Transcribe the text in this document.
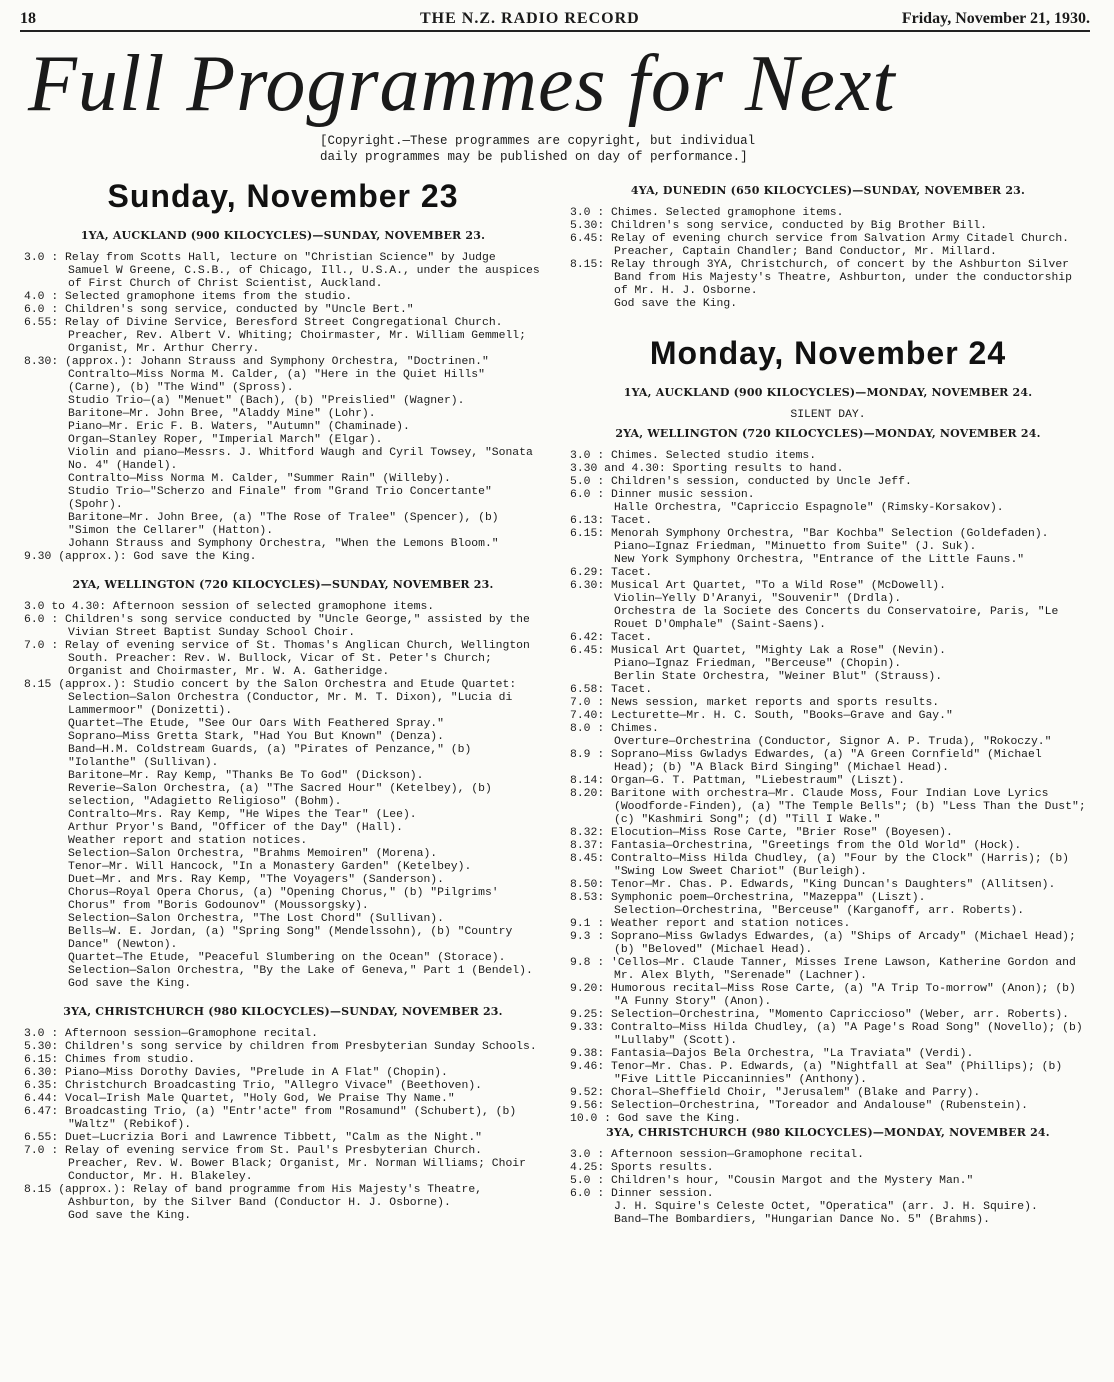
18	THE N.Z. RADIO RECORD	Friday, November 21, 1930.
Full Programmes for Next
[Copyright.—These programmes are copyright, but individual
daily programmes may be published on day of performance.]
Sunday, November 23
1YA, AUCKLAND (900 KILOCYCLES)—SUNDAY, NOVEMBER 23.
3.0 : Relay from Scotts Hall, lecture on "Christian Science" by Judge Samuel W Greene, C.S.B., of Chicago, Ill., U.S.A., under the auspices of First Church of Christ Scientist, Auckland.
4.0 : Selected gramophone items from the studio.
6.0 : Children's song service, conducted by "Uncle Bert."
6.55: Relay of Divine Service, Beresford Street Congregational Church. Preacher, Rev. Albert V. Whiting; Choirmaster, Mr. William Gemmell; Organist, Mr. Arthur Cherry.
8.30: (approx.): Johann Strauss and Symphony Orchestra, "Doctrinen."
Contralto—Miss Norma M. Calder, (a) "Here in the Quiet Hills" (Carne), (b) "The Wind" (Spross).
Studio Trio—(a) "Menuet" (Bach), (b) "Preislied" (Wagner).
Baritone—Mr. John Bree, "Aladdy Mine" (Lohr).
Piano—Mr. Eric F. B. Waters, "Autumn" (Chaminade).
Organ—Stanley Roper, "Imperial March" (Elgar).
Violin and piano—Messrs. J. Whitford Waugh and Cyril Towsey, "Sonata No. 4" (Handel).
Contralto—Miss Norma M. Calder, "Summer Rain" (Willeby).
Studio Trio—"Scherzo and Finale" from "Grand Trio Concertante" (Spohr).
Baritone—Mr. John Bree, (a) "The Rose of Tralee" (Spencer), (b) "Simon the Cellarer" (Hatton).
Johann Strauss and Symphony Orchestra, "When the Lemons Bloom."
9.30 (approx.): God save the King.
2YA, WELLINGTON (720 KILOCYCLES)—SUNDAY, NOVEMBER 23.
3.0 to 4.30: Afternoon session of selected gramophone items.
6.0 : Children's song service conducted by "Uncle George," assisted by the Vivian Street Baptist Sunday School Choir.
7.0 : Relay of evening service of St. Thomas's Anglican Church, Wellington South. Preacher: Rev. W. Bullock, Vicar of St. Peter's Church; Organist and Choirmaster, Mr. W. A. Gatheridge.
8.15 (approx.): Studio concert by the Salon Orchestra and Etude Quartet:
Selection—Salon Orchestra (Conductor, Mr. M. T. Dixon), "Lucia di Lammermoor" (Donizetti).
Quartet—The Etude, "See Our Oars With Feathered Spray."
Soprano—Miss Gretta Stark, "Had You But Known" (Denza).
Band—H.M. Coldstream Guards, (a) "Pirates of Penzance," (b) "Iolanthe" (Sullivan).
Baritone—Mr. Ray Kemp, "Thanks Be To God" (Dickson).
Reverie—Salon Orchestra, (a) "The Sacred Hour" (Ketelbey), (b) selection, "Adagietto Religioso" (Bohm).
Contralto—Mrs. Ray Kemp, "He Wipes the Tear" (Lee).
Arthur Pryor's Band, "Officer of the Day" (Hall).
Weather report and station notices.
Selection—Salon Orchestra, "Brahms Memoiren" (Morena).
Tenor—Mr. Will Hancock, "In a Monastery Garden" (Ketelbey).
Duet—Mr. and Mrs. Ray Kemp, "The Voyagers" (Sanderson).
Chorus—Royal Opera Chorus, (a) "Opening Chorus," (b) "Pilgrims' Chorus" from "Boris Godounov" (Moussorgsky).
Selection—Salon Orchestra, "The Lost Chord" (Sullivan).
Bells—W. E. Jordan, (a) "Spring Song" (Mendelssohn), (b) "Country Dance" (Newton).
Quartet—The Etude, "Peaceful Slumbering on the Ocean" (Storace).
Selection—Salon Orchestra, "By the Lake of Geneva," Part 1 (Bendel).
God save the King.
3YA, CHRISTCHURCH (980 KILOCYCLES)—SUNDAY, NOVEMBER 23.
3.0 : Afternoon session—Gramophone recital.
5.30: Children's song service by children from Presbyterian Sunday Schools.
6.15: Chimes from studio.
6.30: Piano—Miss Dorothy Davies, "Prelude in A Flat" (Chopin).
6.35: Christchurch Broadcasting Trio, "Allegro Vivace" (Beethoven).
6.44: Vocal—Irish Male Quartet, "Holy God, We Praise Thy Name."
6.47: Broadcasting Trio, (a) "Entr'acte" from "Rosamund" (Schubert), (b) "Waltz" (Rebikof).
6.55: Duet—Lucrizia Bori and Lawrence Tibbett, "Calm as the Night."
7.0 : Relay of evening service from St. Paul's Presbyterian Church. Preacher, Rev. W. Bower Black; Organist, Mr. Norman Williams; Choir Conductor, Mr. H. Blakeley.
8.15 (approx.): Relay of band programme from His Majesty's Theatre, Ashburton, by the Silver Band (Conductor H. J. Osborne).
God save the King.
4YA, DUNEDIN (650 KILOCYCLES)—SUNDAY, NOVEMBER 23.
3.0 : Chimes. Selected gramophone items.
5.30: Children's song service, conducted by Big Brother Bill.
6.45: Relay of evening church service from Salvation Army Citadel Church. Preacher, Captain Chandler; Band Conductor, Mr. Millard.
8.15: Relay through 3YA, Christchurch, of concert by the Ashburton Silver Band from His Majesty's Theatre, Ashburton, under the conductorship of Mr. H. J. Osborne.
God save the King.
Monday, November 24
1YA, AUCKLAND (900 KILOCYCLES)—MONDAY, NOVEMBER 24.
SILENT DAY.
2YA, WELLINGTON (720 KILOCYCLES)—MONDAY, NOVEMBER 24.
3.0 : Chimes. Selected studio items.
3.30 and 4.30: Sporting results to hand.
5.0 : Children's session, conducted by Uncle Jeff.
6.0 : Dinner music session.
Halle Orchestra, "Capriccio Espagnole" (Rimsky-Korsakov).
6.13: Tacet.
6.15: Menorah Symphony Orchestra, "Bar Kochba" Selection (Goldefaden).
Piano—Ignaz Friedman, "Minuetto from Suite" (J. Suk).
New York Symphony Orchestra, "Entrance of the Little Fauns."
6.29: Tacet.
6.30: Musical Art Quartet, "To a Wild Rose" (McDowell).
Violin—Yelly D'Aranyi, "Souvenir" (Drdla).
Orchestra de la Societe des Concerts du Conservatoire, Paris, "Le Rouet D'Omphale" (Saint-Saens).
6.42: Tacet.
6.45: Musical Art Quartet, "Mighty Lak a Rose" (Nevin).
Piano—Ignaz Friedman, "Berceuse" (Chopin).
Berlin State Orchestra, "Weiner Blut" (Strauss).
6.58: Tacet.
7.0 : News session, market reports and sports results.
7.40: Lecturette—Mr. H. C. South, "Books—Grave and Gay."
8.0 : Chimes.
Overture—Orchestrina (Conductor, Signor A. P. Truda), "Rokoczy."
8.9 : Soprano—Miss Gwladys Edwardes, (a) "A Green Cornfield" (Michael Head); (b) "A Black Bird Singing" (Michael Head).
8.14: Organ—G. T. Pattman, "Liebestraum" (Liszt).
8.20: Baritone with orchestra—Mr. Claude Moss, Four Indian Love Lyrics (Woodforde-Finden), (a) "The Temple Bells"; (b) "Less Than the Dust"; (c) "Kashmiri Song"; (d) "Till I Wake."
8.32: Elocution—Miss Rose Carte, "Brier Rose" (Boyesen).
8.37: Fantasia—Orchestrina, "Greetings from the Old World" (Hock).
8.45: Contralto—Miss Hilda Chudley, (a) "Four by the Clock" (Harris); (b) "Swing Low Sweet Chariot" (Burleigh).
8.50: Tenor—Mr. Chas. P. Edwards, "King Duncan's Daughters" (Allitsen).
8.53: Symphonic poem—Orchestrina, "Mazeppa" (Liszt).
Selection—Orchestrina, "Berceuse" (Karganoff, arr. Roberts).
9.1 : Weather report and station notices.
9.3 : Soprano—Miss Gwladys Edwardes, (a) "Ships of Arcady" (Michael Head); (b) "Beloved" (Michael Head).
9.8 : 'Cellos—Mr. Claude Tanner, Misses Irene Lawson, Katherine Gordon and Mr. Alex Blyth, "Serenade" (Lachner).
9.20: Humorous recital—Miss Rose Carte, (a) "A Trip To-morrow" (Anon); (b) "A Funny Story" (Anon).
9.25: Selection—Orchestrina, "Momento Capriccioso" (Weber, arr. Roberts).
9.33: Contralto—Miss Hilda Chudley, (a) "A Page's Road Song" (Novello); (b) "Lullaby" (Scott).
9.38: Fantasia—Dajos Bela Orchestra, "La Traviata" (Verdi).
9.46: Tenor—Mr. Chas. P. Edwards, (a) "Nightfall at Sea" (Phillips); (b) "Five Little Piccaninnies" (Anthony).
9.52: Choral—Sheffield Choir, "Jerusalem" (Blake and Parry).
9.56: Selection—Orchestrina, "Toreador and Andalouse" (Rubenstein).
10.0 : God save the King.
3YA, CHRISTCHURCH (980 KILOCYCLES)—MONDAY, NOVEMBER 24.
3.0 : Afternoon session—Gramophone recital.
4.25: Sports results.
5.0 : Children's hour, "Cousin Margot and the Mystery Man."
6.0 : Dinner session.
J. H. Squire's Celeste Octet, "Operatica" (arr. J. H. Squire).
Band—The Bombardiers, "Hungarian Dance No. 5" (Brahms).
